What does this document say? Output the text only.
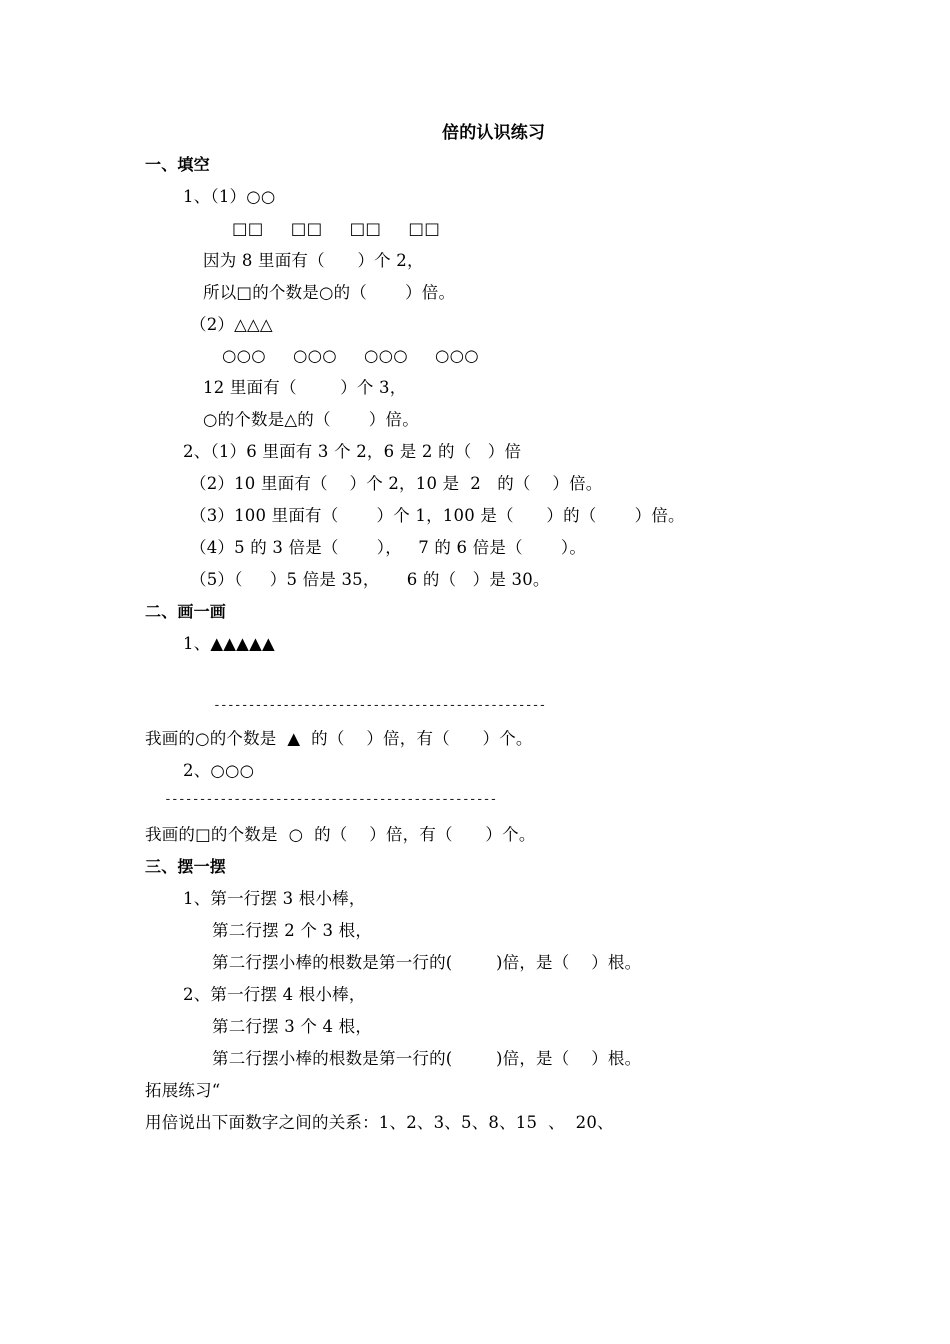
倍的认识练习
一、填空
1、（1）○○
□□     □□     □□     □□
因为 8 里面有（      ）个 2，
所以□的个数是○的（       ）倍。
（2）△△△
○○○     ○○○     ○○○     ○○○
12 里面有（        ）个 3，
○的个数是△的（       ）倍。
2、（1）6 里面有 3 个 2，6 是 2 的（   ）倍
（2）10 里面有（    ）个 2，10 是  2   的（    ）倍。
（3）100 里面有（       ）个 1，100 是（      ）的（       ）倍。
（4）5 的 3 倍是（       ），   7 的 6 倍是（       ）。
（5）（     ）5 倍是 35，     6 的（   ）是 30。
二、画一画
1、▲▲▲▲▲
------------------------------------------------
我画的○的个数是  ▲  的（    ）倍，有（      ）个。
2、○○○
------------------------------------------------
我画的□的个数是  ○  的（    ）倍，有（      ）个。
三、摆一摆
1、第一行摆 3 根小棒，
第二行摆 2 个 3 根，
第二行摆小棒的根数是第一行的(        )倍，是（    ）根。
2、第一行摆 4 根小棒，
第二行摆 3 个 4 根，
第二行摆小棒的根数是第一行的(        )倍，是（    ）根。
拓展练习“
用倍说出下面数字之间的关系：1、2、3、5、8、15  、  20、
